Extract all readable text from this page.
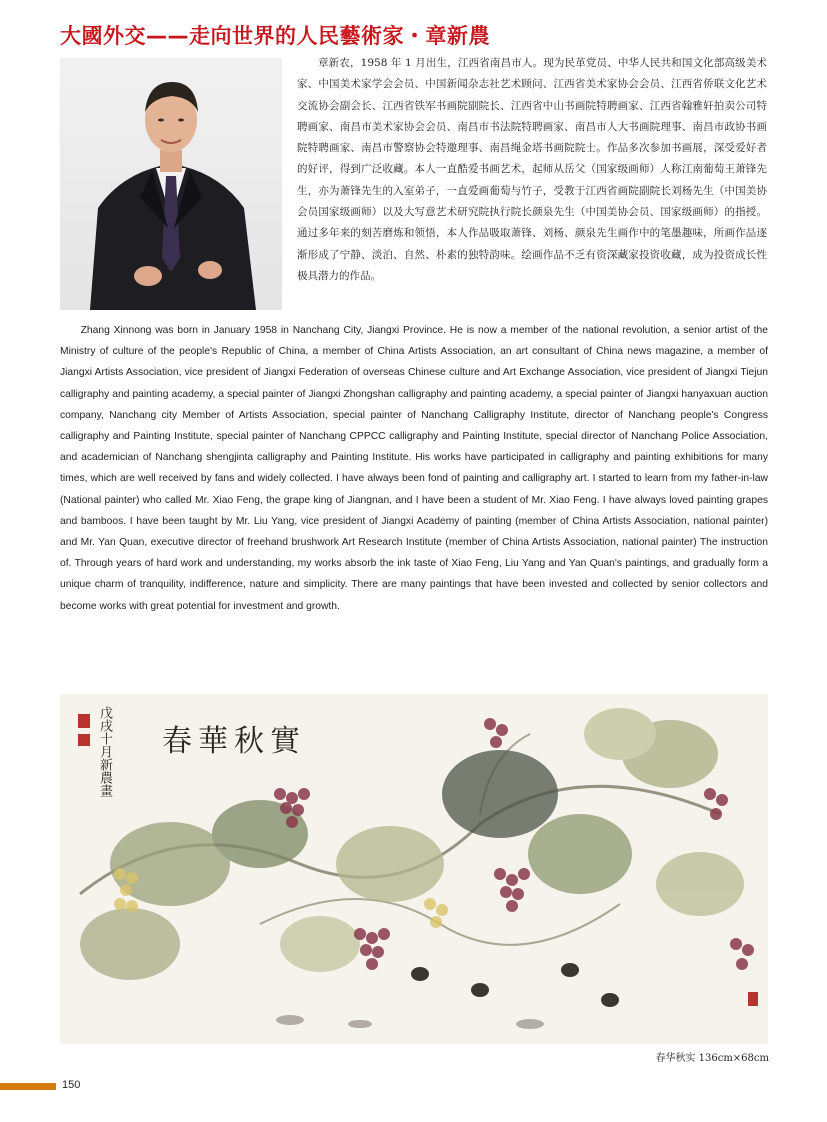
大國外交——走向世界的人民藝術家・章新農

章新农，1958 年 1 月出生，江西省南昌市人。现为民革党员、中华人民共和国文化部高级美术家、中国美术家学会会员、中国新闻杂志社艺术顾问、江西省美术家协会会员、江西省侨联文化艺术交流协会副会长、江西省铁军书画院副院长、江西省中山书画院特聘画家、江西省翰雅轩拍卖公司特聘画家、南昌市美术家协会会员、南昌市书法院特聘画家、南昌市人大书画院理事、南昌市政协书画院特聘画家、南昌市警察协会特邀理事、南昌绳金塔书画院院士。作品多次参加书画展，深受爱好者的好评，得到广泛收藏。本人一直酷爱书画艺术，起师从岳父（国家级画师）人称江南葡萄王萧锋先生，亦为萧锋先生的入室弟子，一直爱画葡萄与竹子，受教于江西省画院副院长刘杨先生（中国美协会员国家级画师）以及大写意艺术研究院执行院长颜泉先生（中国美协会员、国家级画师）的指授。通过多年来的刻苦磨炼和领悟，本人作品吸取萧锋、刘杨、颜泉先生画作中的笔墨趣味，所画作品逐渐形成了宁静、淡泊、自然、朴素的独特韵味。绘画作品不乏有资深藏家投资收藏，成为投资成长性极具潜力的作品。

Zhang Xinnong was born in January 1958 in Nanchang City, Jiangxi Province. He is now a member of the national revolution, a senior artist of the Ministry of culture of the people's Republic of China, a member of China Artists Association, an art consultant of China news magazine, a member of Jiangxi Artists Association, vice president of Jiangxi Federation of overseas Chinese culture and Art Exchange Association, vice president of Jiangxi Tiejun calligraphy and painting academy, a special painter of Jiangxi Zhongshan calligraphy and painting academy, a special painter of Jiangxi hanyaxuan auction company, Nanchang city Member of Artists Association, special painter of Nanchang Calligraphy Institute, director of Nanchang people's Congress calligraphy and Painting Institute, special painter of Nanchang CPPCC calligraphy and Painting Institute, special director of Nanchang Police Association, and academician of Nanchang shengjinta calligraphy and Painting Institute. His works have participated in calligraphy and painting exhibitions for many times, which are well received by fans and widely collected. I have always been fond of painting and calligraphy art. I started to learn from my father-in-law (National painter) who called Mr. Xiao Feng, the grape king of Jiangnan, and I have been a student of Mr. Xiao Feng. I have always loved painting grapes and bamboos. I have been taught by Mr. Liu Yang, vice president of Jiangxi Academy of painting (member of China Artists Association, national painter) and Mr. Yan Quan, executive director of freehand brushwork Art Research Institute (member of China Artists Association, national painter) The instruction of. Through years of hard work and understanding, my works absorb the ink taste of Xiao Feng, Liu Yang and Yan Quan's paintings, and gradually form a unique charm of tranquility, indifference, nature and simplicity. There are many paintings that have been invested and collected by senior collectors and become works with great potential for investment and growth.

春華秋實
戊戌十月新農畫
春华秋实 136cm×68cm
150
